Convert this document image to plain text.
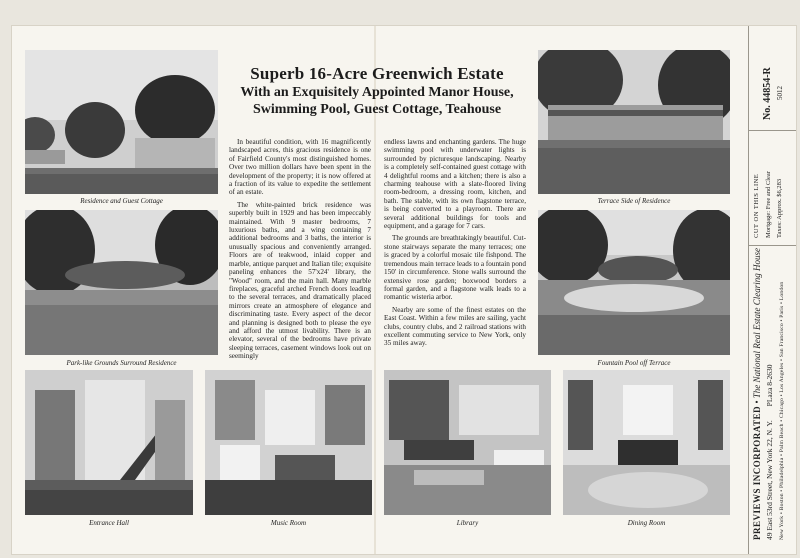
Residence and Guest Cottage
Park-like Grounds Surround Residence
Terrace Side of Residence
Fountain Pool off Terrace
Entrance Hall	Music Room	Library	Dining Room
Superb 16-Acre Greenwich Estate
With an Exquisitely Appointed Manor House,
Swimming Pool, Guest Cottage, Teahouse

In beautiful condition, with 16 magnificently landscaped acres, this gracious residence is one of Fairfield County's most distinguished homes. Over two million dollars have been spent in the development of the property; it is now offered at a fraction of its value to expedite the settlement of an estate.

The white-painted brick residence was superbly built in 1929 and has been impeccably maintained. With 9 master bedrooms, 7 luxurious baths, and a wing containing 7 additional bedrooms and 3 baths, the interior is unusually spacious and conveniently arranged. Floors are of teakwood, inlaid copper and marble, antique parquet and Italian tile; exquisite paneling enhances the 57'x24' library, the "Wood" room, and the main hall. Many marble fireplaces, graceful arched French doors leading to the several terraces, and dramatically placed mirrors create an atmosphere of elegance and discriminating taste. Every aspect of the decor and planning is designed both to please the eye and afford the utmost livability. There is an elevator, several of the bedrooms have private sleeping terraces, casement windows look out on seemingly

endless lawns and enchanting gardens. The huge swimming pool with underwater lights is surrounded by picturesque landscaping. Nearby is a completely self-contained guest cottage with 4 delightful rooms and a kitchen; there is also a charming teahouse with a slate-floored living room-bedroom, a dressing room, kitchen, and bath. The stable, with its own flagstone terrace, is being converted to a playroom. There are several additional buildings for tools and equipment, and a garage for 7 cars.

The grounds are breathtakingly beautiful. Cut-stone stairways separate the many terraces; one is graced by a colorful mosaic tile fishpond. The tremendous main terrace leads to a fountain pond 150' in circumference. Stone walls surround the extensive rose garden; boxwood borders a formal garden, and a flagstone walk leads to a romantic wisteria arbor.

Nearby are some of the finest estates on the East Coast. Within a few miles are sailing, yacht clubs, country clubs, and 2 railroad stations with excellent commuting service to New York, only 35 miles away.

No. 44854-R 5012
CUT ON THIS LINE Mortgage: Free and Clear Taxes: Approx. $6,283
PREVIEWS INCORPORATED • The National Real Estate Clearing House
49 East 53rd Street, New York 22, N. Y. PLaza 8-2630 New York • Boston • Philadelphia • Palm Beach • Chicago • Los Angeles • San Francisco • Paris • London
